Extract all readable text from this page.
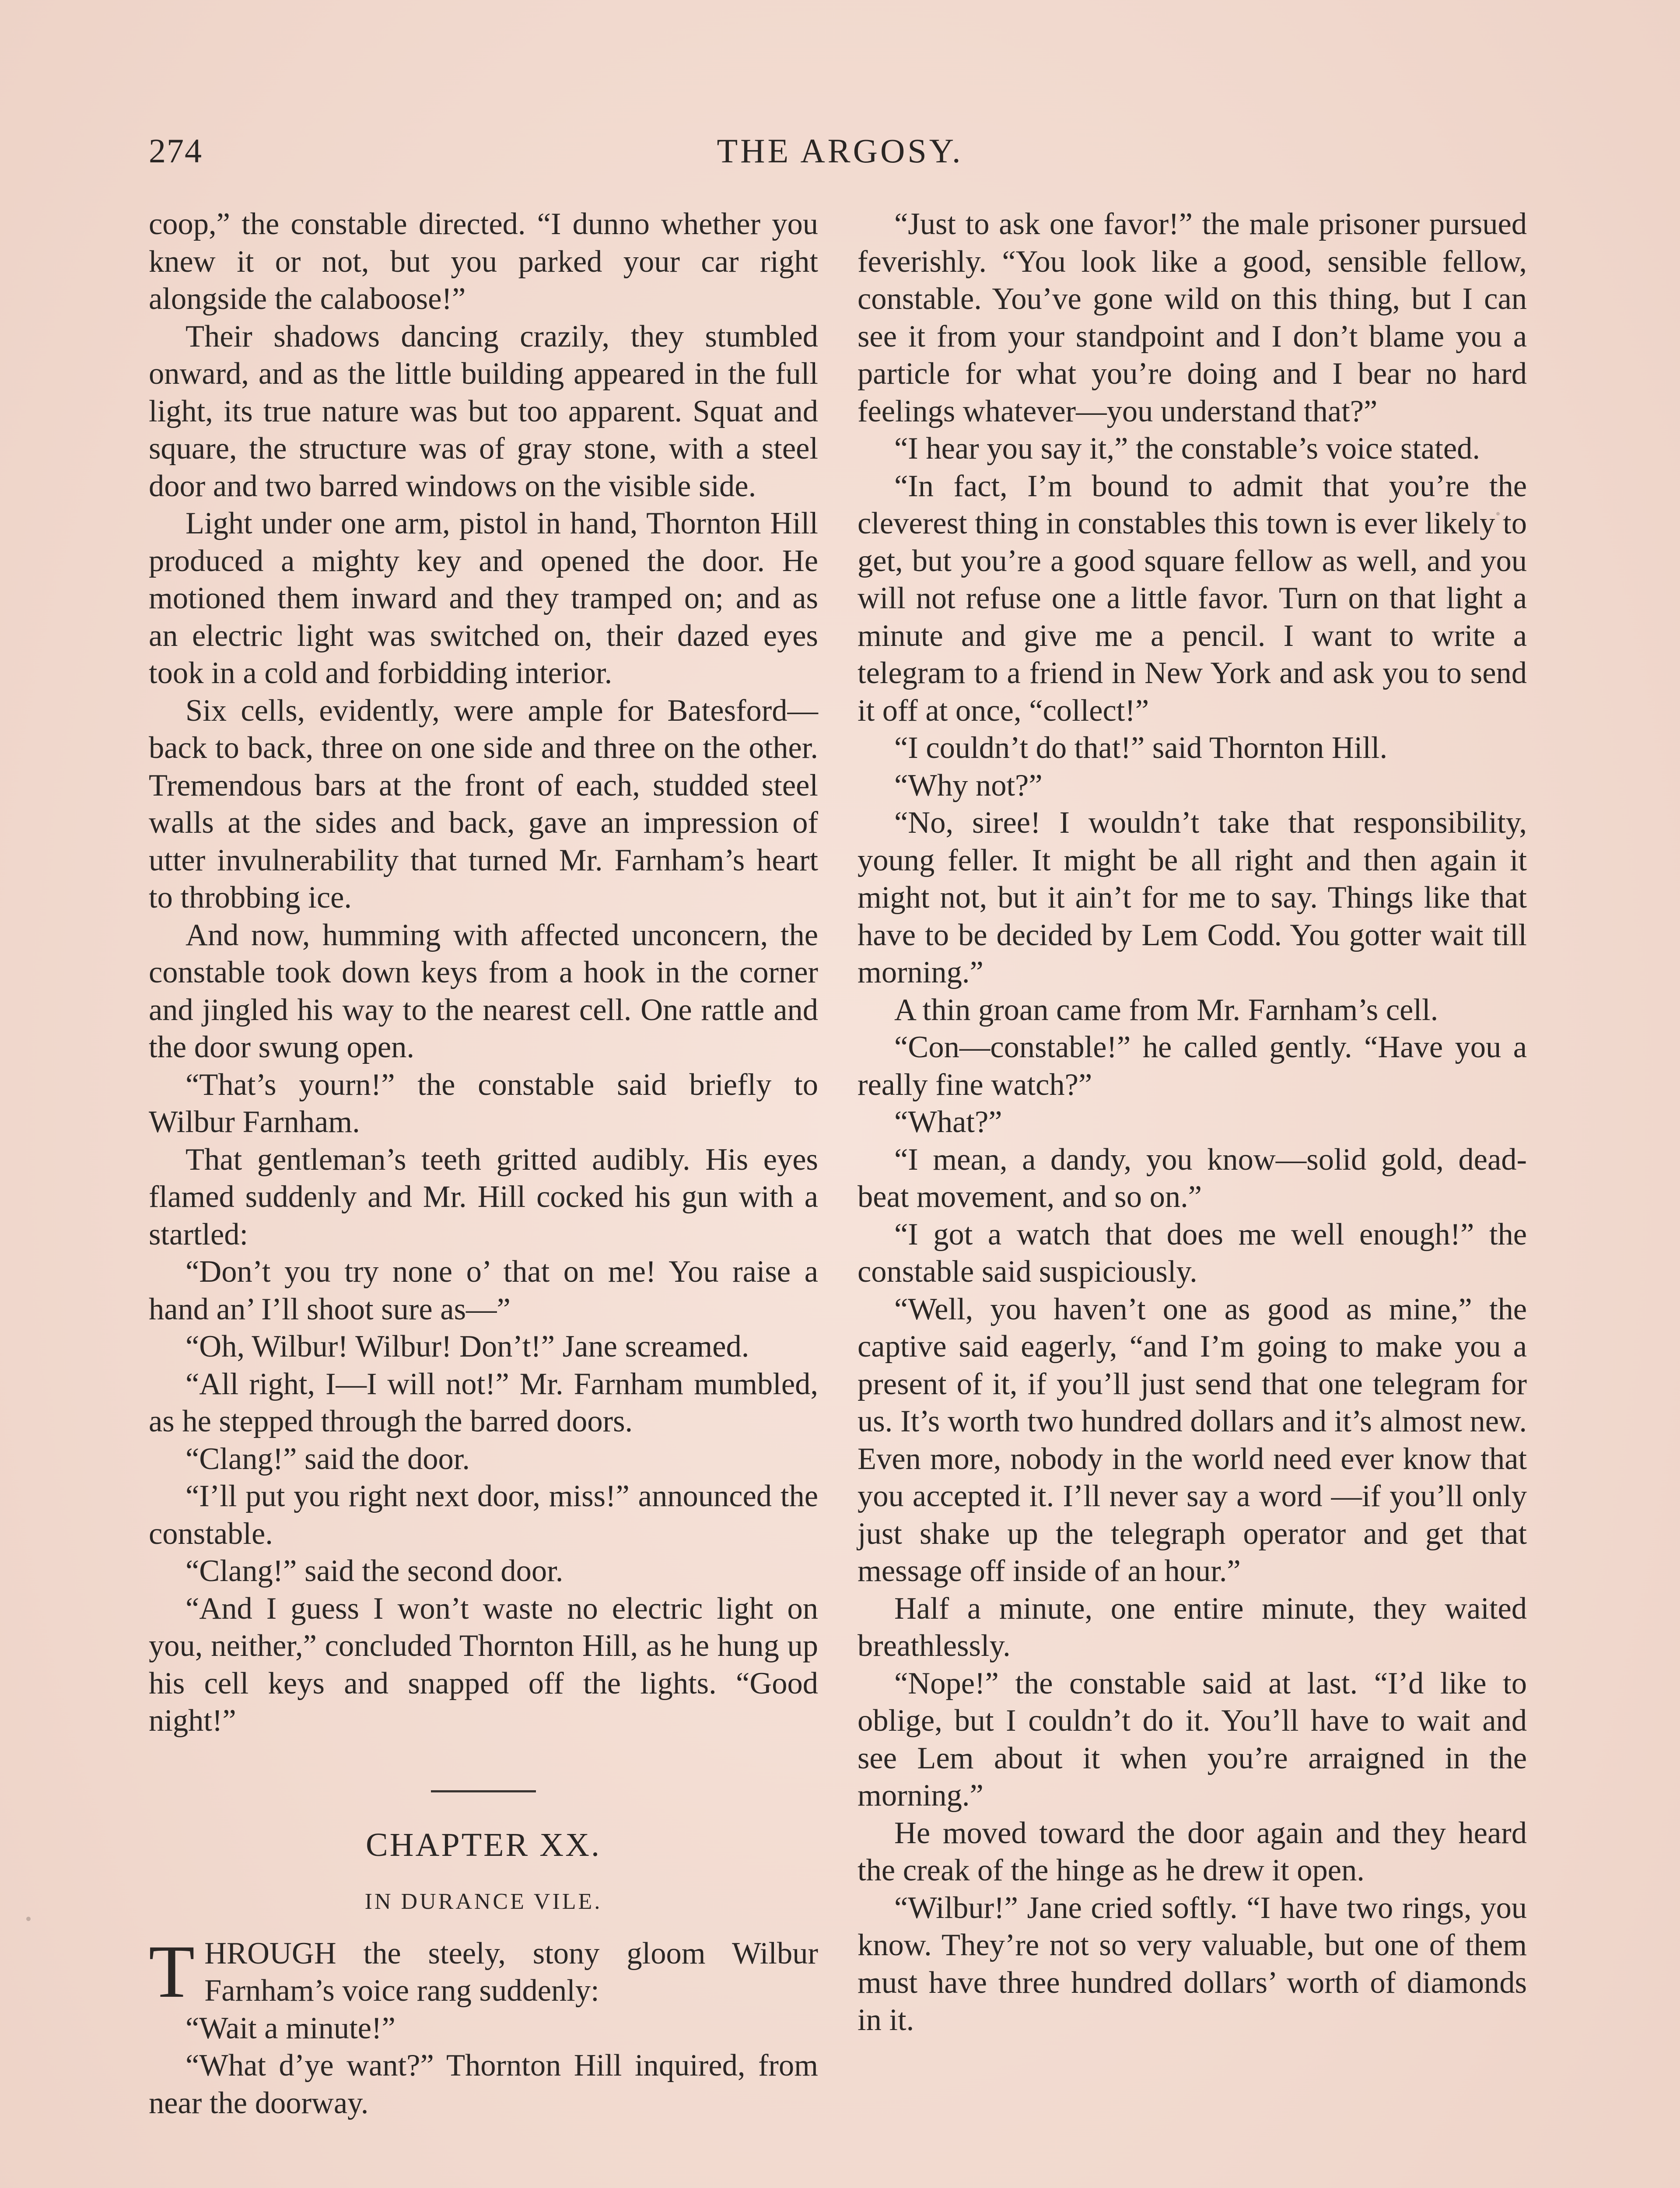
274	THE ARGOSY.

coop,” the constable directed. “I dunno whether you knew it or not, but you parked your car right alongside the calaboose!”

Their shadows dancing crazily, they stumbled onward, and as the little building appeared in the full light, its true nature was but too apparent. Squat and square, the structure was of gray stone, with a steel door and two barred windows on the visible side.

Light under one arm, pistol in hand, Thornton Hill produced a mighty key and opened the door. He motioned them inward and they tramped on; and as an electric light was switched on, their dazed eyes took in a cold and forbidding interior.

Six cells, evidently, were ample for Batesford—back to back, three on one side and three on the other. Tremendous bars at the front of each, studded steel walls at the sides and back, gave an impression of utter invulnerability that turned Mr. Farnham’s heart to throbbing ice.

And now, humming with affected unconcern, the constable took down keys from a hook in the corner and jingled his way to the nearest cell. One rattle and the door swung open.

“That’s yourn!” the constable said briefly to Wilbur Farnham.

That gentleman’s teeth gritted audibly. His eyes flamed suddenly and Mr. Hill cocked his gun with a startled:

“Don’t you try none o’ that on me! You raise a hand an’ I’ll shoot sure as—”

“Oh, Wilbur! Wilbur! Don’t!” Jane screamed.

“All right, I—I will not!” Mr. Farnham mumbled, as he stepped through the barred doors.

“Clang!” said the door.

“I’ll put you right next door, miss!” announced the constable.

“Clang!” said the second door.

“And I guess I won’t waste no electric light on you, neither,” concluded Thornton Hill, as he hung up his cell keys and snapped off the lights. “Good night!”

CHAPTER XX.
IN DURANCE VILE.

THROUGH the steely, stony gloom Wilbur Farnham’s voice rang suddenly:

“Wait a minute!”

“What d’ye want?” Thornton Hill inquired, from near the doorway.

“Just to ask one favor!” the male prisoner pursued feverishly. “You look like a good, sensible fellow, constable. You’ve gone wild on this thing, but I can see it from your standpoint and I don’t blame you a particle for what you’re doing and I bear no hard feelings whatever—you understand that?”

“I hear you say it,” the constable’s voice stated.

“In fact, I’m bound to admit that you’re the cleverest thing in constables this town is ever likely to get, but you’re a good square fellow as well, and you will not refuse one a little favor. Turn on that light a minute and give me a pencil. I want to write a telegram to a friend in New York and ask you to send it off at once, “collect!”

“I couldn’t do that!” said Thornton Hill.

“Why not?”

“No, siree! I wouldn’t take that responsibility, young feller. It might be all right and then again it might not, but it ain’t for me to say. Things like that have to be decided by Lem Codd. You gotter wait till morning.”

A thin groan came from Mr. Farnham’s cell.

“Con—constable!” he called gently. “Have you a really fine watch?”

“What?”

“I mean, a dandy, you know—solid gold, dead-beat movement, and so on.”

“I got a watch that does me well enough!” the constable said suspiciously.

“Well, you haven’t one as good as mine,” the captive said eagerly, “and I’m going to make you a present of it, if you’ll just send that one telegram for us. It’s worth two hundred dollars and it’s almost new. Even more, nobody in the world need ever know that you accepted it. I’ll never say a word —if you’ll only just shake up the telegraph operator and get that message off inside of an hour.”

Half a minute, one entire minute, they waited breathlessly.

“Nope!” the constable said at last. “I’d like to oblige, but I couldn’t do it. You’ll have to wait and see Lem about it when you’re arraigned in the morning.”

He moved toward the door again and they heard the creak of the hinge as he drew it open.

“Wilbur!” Jane cried softly. “I have two rings, you know. They’re not so very valuable, but one of them must have three hundred dollars’ worth of diamonds in it.
